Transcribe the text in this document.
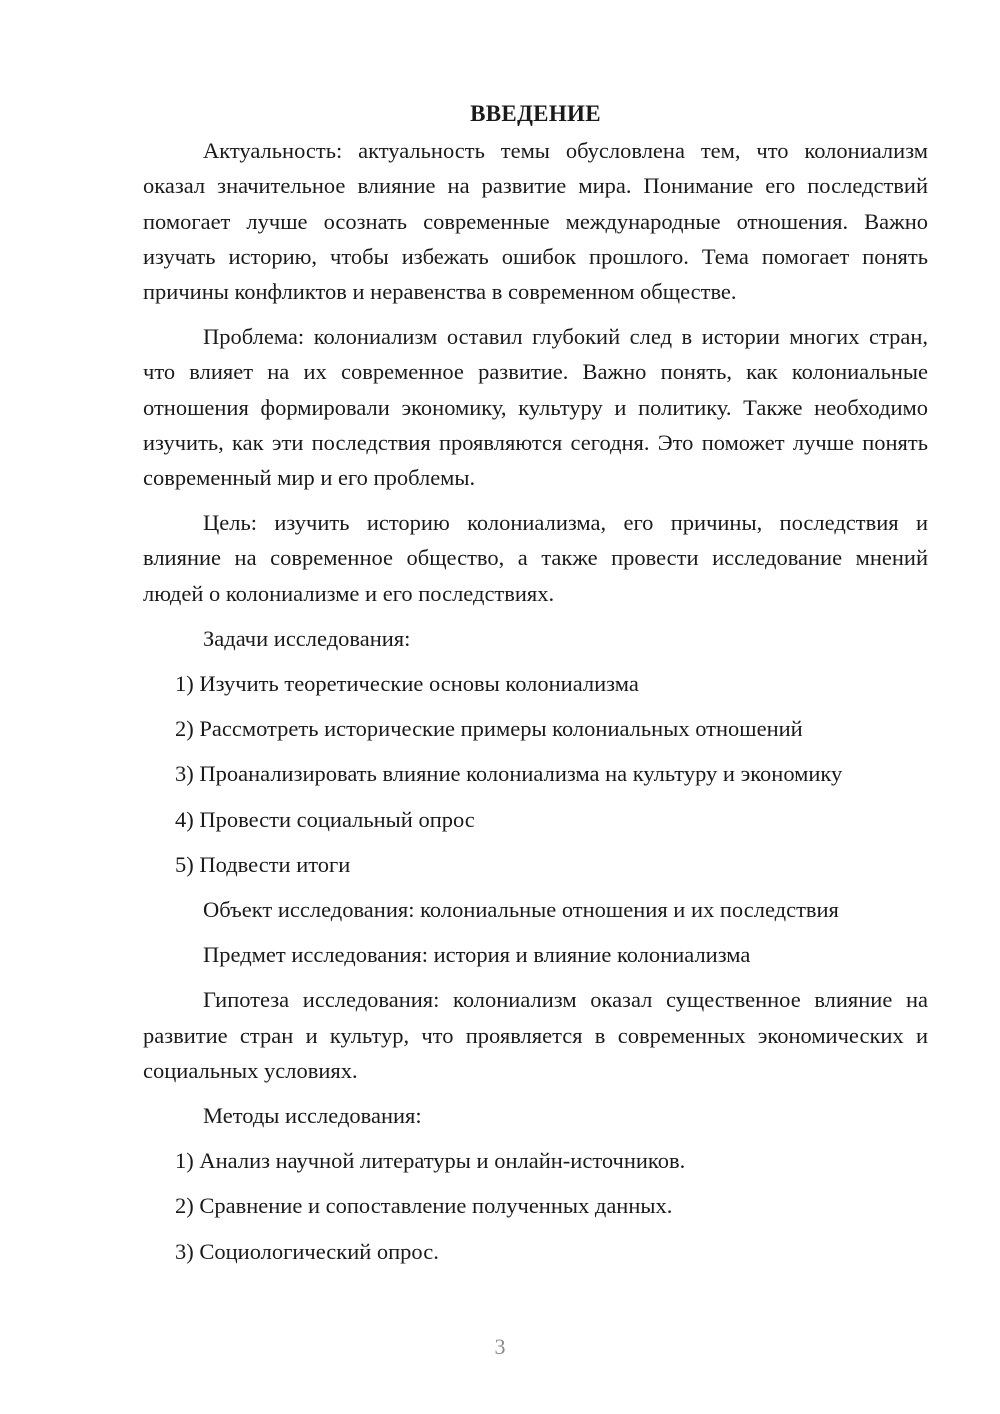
ВВЕДЕНИЕ

Актуальность: актуальность темы обусловлена тем, что колониализм оказал значительное влияние на развитие мира. Понимание его последствий помогает лучше осознать современные международные отношения. Важно изучать историю, чтобы избежать ошибок прошлого. Тема помогает понять причины конфликтов и неравенства в современном обществе.

Проблема: колониализм оставил глубокий след в истории многих стран, что влияет на их современное развитие. Важно понять, как колониальные отношения формировали экономику, культуру и политику. Также необходимо изучить, как эти последствия проявляются сегодня. Это поможет лучше понять современный мир и его проблемы.

Цель: изучить историю колониализма, его причины, последствия и влияние на современное общество, а также провести исследование мнений людей о колониализме и его последствиях.

Задачи исследования:

1) Изучить теоретические основы колониализма
2) Рассмотреть исторические примеры колониальных отношений
3) Проанализировать влияние колониализма на культуру и экономику
4) Провести социальный опрос
5) Подвести итоги

Объект исследования: колониальные отношения и их последствия

Предмет исследования: история и влияние колониализма

Гипотеза исследования: колониализм оказал существенное влияние на развитие стран и культур, что проявляется в современных экономических и социальных условиях.

Методы исследования:

1) Анализ научной литературы и онлайн-источников.
2) Сравнение и сопоставление полученных данных.
3) Социологический опрос.
3
